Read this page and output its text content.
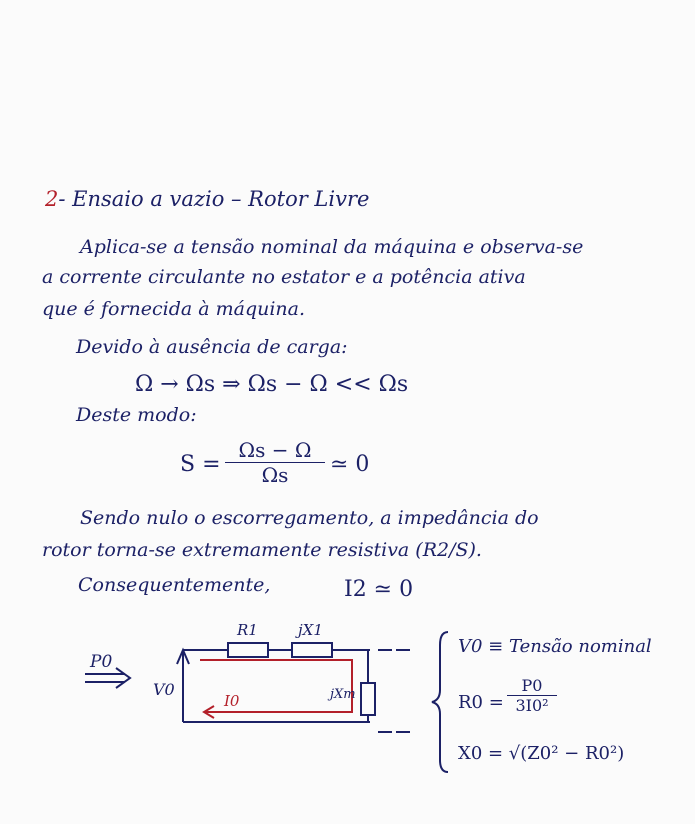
2- Ensaio a vazio – Rotor Livre
Aplica-se a tensão nominal da máquina e observa-se
a corrente circulante no estator e a potência ativa
que é fornecida à máquina.
Devido à ausência de carga:
Ω → Ωs ⇒ Ωs − Ω << Ωs
Deste modo:
S =
Ωs − Ω
Ωs	≃ 0
Sendo nulo o escorregamento, a impedância do
rotor torna-se extremamente resistiva (R2/S).
Consequentemente,	I2 ≃ 0
P0
V0
R1	jX1
jXm
I0
V0 ≡ Tensão nominal
R0 =
P0
3I0²
X0 = √(Z0² − R0²)
